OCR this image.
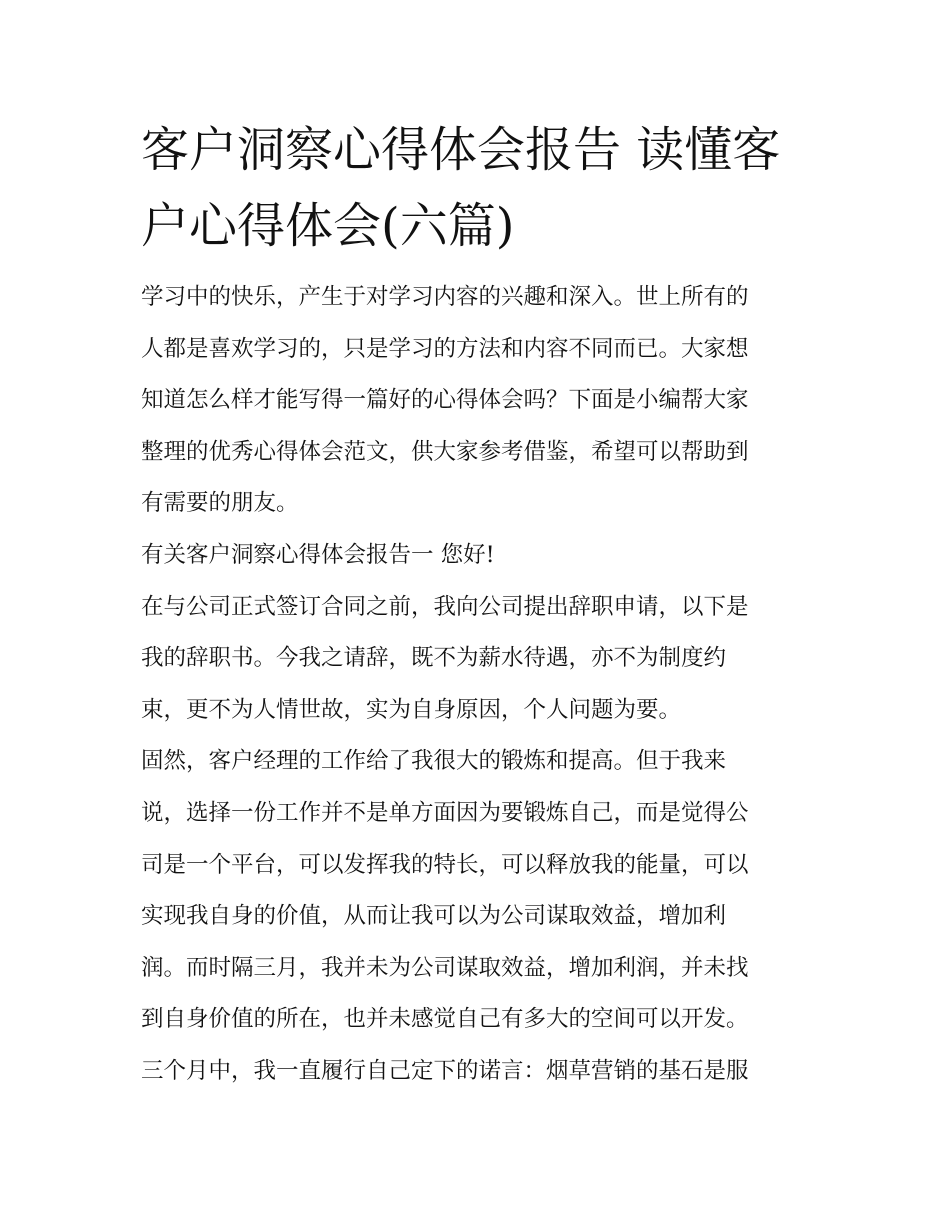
客户洞察心得体会报告 读懂客
户心得体会(六篇)
学习中的快乐，产生于对学习内容的兴趣和深入。世上所有的
人都是喜欢学习的，只是学习的方法和内容不同而已。大家想
知道怎么样才能写得一篇好的心得体会吗？下面是小编帮大家
整理的优秀心得体会范文，供大家参考借鉴，希望可以帮助到
有需要的朋友。
有关客户洞察心得体会报告一 您好!
在与公司正式签订合同之前，我向公司提出辞职申请，以下是
我的辞职书。今我之请辞，既不为薪水待遇，亦不为制度约
束，更不为人情世故，实为自身原因，个人问题为要。
固然，客户经理的工作给了我很大的锻炼和提高。但于我来
说，选择一份工作并不是单方面因为要锻炼自己，而是觉得公
司是一个平台，可以发挥我的特长，可以释放我的能量，可以
实现我自身的价值，从而让我可以为公司谋取效益，增加利
润。而时隔三月，我并未为公司谋取效益，增加利润，并未找
到自身价值的所在，也并未感觉自己有多大的空间可以开发。
三个月中，我一直履行自己定下的诺言：烟草营销的基石是服
